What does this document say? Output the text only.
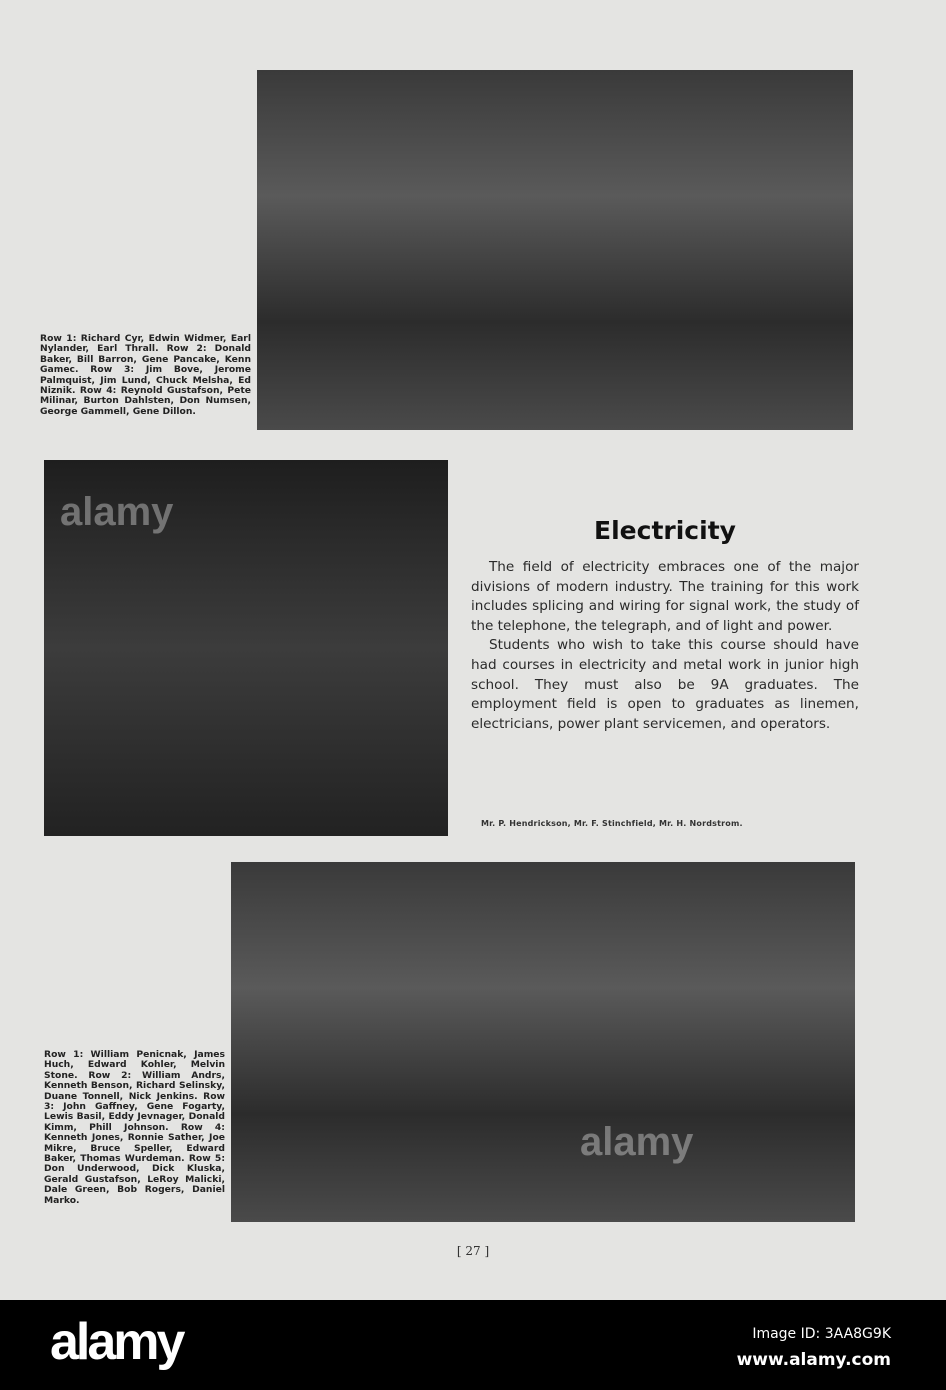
Row 1: Richard Cyr, Edwin Widmer, Earl Nylander, Earl Thrall. Row 2: Donald Baker, Bill Barron, Gene Pancake, Kenn Gamec. Row 3: Jim Bove, Jerome Palmquist, Jim Lund, Chuck Melsha, Ed Niznik. Row 4: Reynold Gustafson, Pete Milinar, Burton Dahlsten, Don Numsen, George Gammell, Gene Dillon.
Electricity

The field of electricity embraces one of the major divisions of modern industry. The training for this work includes splicing and wiring for signal work, the study of the telephone, the telegraph, and of light and power.

Students who wish to take this course should have had courses in electricity and metal work in junior high school. They must also be 9A graduates. The employment field is open to graduates as linemen, electricians, power plant servicemen, and operators.

Mr. P. Hendrickson, Mr. F. Stinchfield, Mr. H. Nordstrom.
Row 1: William Penicnak, James Huch, Edward Kohler, Melvin Stone. Row 2: William Andrs, Kenneth Benson, Richard Selinsky, Duane Tonnell, Nick Jenkins. Row 3: John Gaffney, Gene Fogarty, Lewis Basil, Eddy Jevnager, Donald Kimm, Phill Johnson. Row 4: Kenneth Jones, Ronnie Sather, Joe Mikre, Bruce Speller, Edward Baker, Thomas Wurdeman. Row 5: Don Underwood, Dick Kluska, Gerald Gustafson, LeRoy Malicki, Dale Green, Bob Rogers, Daniel Marko.
[ 27 ]
alamy
alamy
alamy	Image ID: 3AA8G9K
www.alamy.com
